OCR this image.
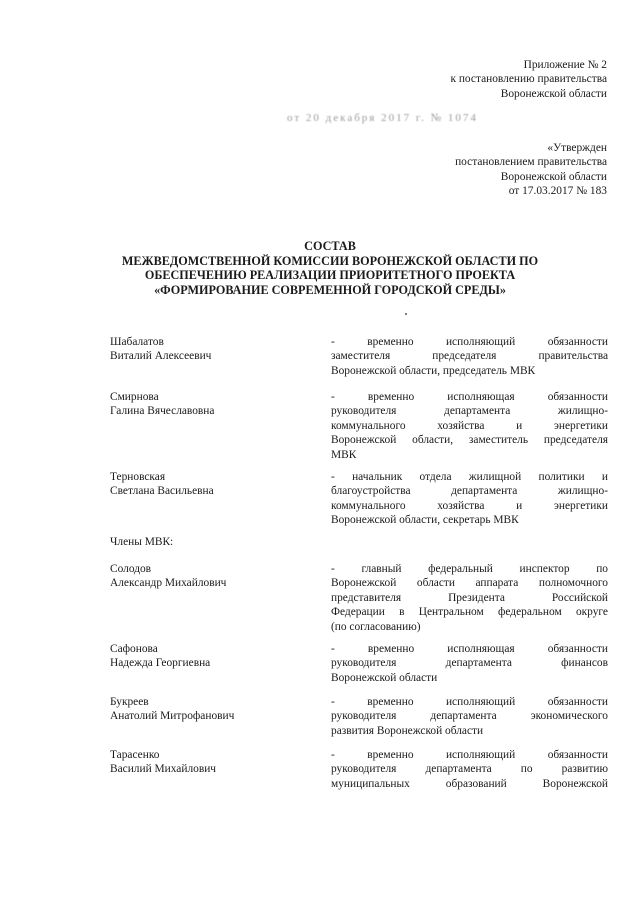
Приложение № 2
к постановлению правительства
Воронежской области
от 20 декабря 2017 г. № 1074
«Утвержден
постановлением правительства
Воронежской области
от 17.03.2017 № 183
СОСТАВ
МЕЖВЕДОМСТВЕННОЙ КОМИССИИ ВОРОНЕЖСКОЙ ОБЛАСТИ ПО
ОБЕСПЕЧЕНИЮ РЕАЛИЗАЦИИ ПРИОРИТЕТНОГО ПРОЕКТА
«ФОРМИРОВАНИЕ СОВРЕМЕННОЙ ГОРОДСКОЙ СРЕДЫ»
Шабалатов
Виталий Алексеевич
- временно исполняющий обязанности
заместителя председателя правительства
Воронежской области, председатель МВК
Смирнова
Галина Вячеславовна
- временно исполняющая обязанности
руководителя департамента жилищно-
коммунального хозяйства и энергетики
Воронежской области, заместитель председателя
МВК
Терновская
Светлана Васильевна
- начальник отдела жилищной политики и
благоустройства департамента жилищно-
коммунального хозяйства и энергетики
Воронежской области, секретарь МВК
Члены МВК:
Солодов
Александр Михайлович
- главный федеральный инспектор по
Воронежской области аппарата полномочного
представителя Президента Российской
Федерации в Центральном федеральном округе
(по согласованию)
Сафонова
Надежда Георгиевна
- временно исполняющая обязанности
руководителя департамента финансов
Воронежской области
Букреев
Анатолий Митрофанович
- временно исполняющий обязанности
руководителя департамента экономического
развития Воронежской области
Тарасенко
Василий Михайлович
- временно исполняющий обязанности
руководителя департамента по развитию
муниципальных образований Воронежской
